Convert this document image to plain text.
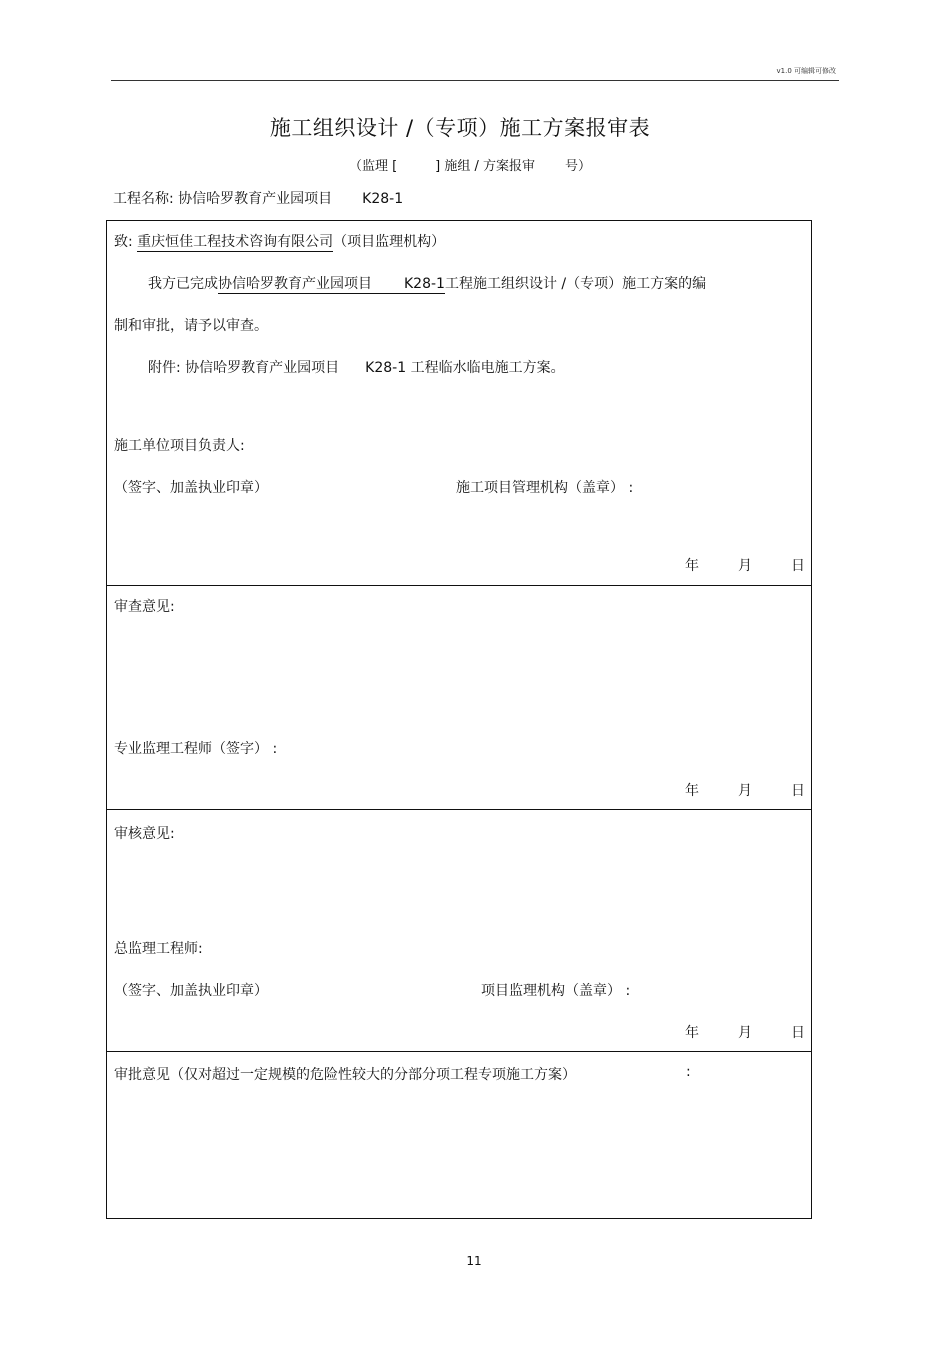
v1.0 可编辑可修改
施工组织设计 /（专项）施工方案报审表
（监理 [	] 施组 / 方案报审 号）
工程名称: 协信哈罗教育产业园项目 K28-1
致: 重庆恒佳工程技术咨询有限公司（项目监理机构）
我方已完成协信哈罗教育产业园项目 K28-1工程施工组织设计 /（专项）施工方案的编
制和审批，请予以审查。
附件: 协信哈罗教育产业园项目 K28-1 工程临水临电施工方案。
施工单位项目负责人:
（签字、加盖执业印章）	施工项目管理机构（盖章） :
年	月	日
审查意见:
专业监理工程师（签字） :
年	月	日
审核意见:
总监理工程师:
（签字、加盖执业印章）	项目监理机构（盖章） :
年	月	日
审批意见（仅对超过一定规模的危险性较大的分部分项工程专项施工方案）	:
11
